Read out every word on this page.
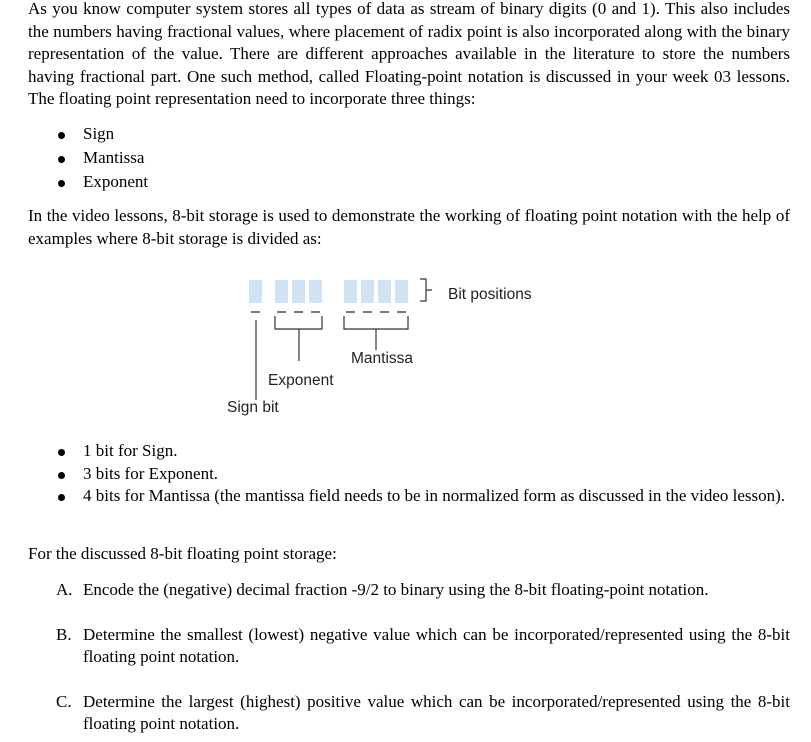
As you know computer system stores all types of data as stream of binary digits (0 and 1). This also includes the numbers having fractional values, where placement of radix point is also incorporated along with the binary representation of the value. There are different approaches available in the literature to store the numbers having fractional part. One such method, called Floating-point notation is discussed in your week 03 lessons. The floating point representation need to incorporate three things:

Sign
Mantissa
Exponent

In the video lessons, 8-bit storage is used to demonstrate the working of floating point notation with the help of examples where 8-bit storage is divided as:

Bit positions
Mantissa
Exponent
Sign bit
1 bit for Sign.
3 bits for Exponent.
4 bits for Mantissa (the mantissa field needs to be in normalized form as discussed in the video lesson).

For the discussed 8-bit floating point storage:

A. Encode the (negative) decimal fraction -9/2 to binary using the 8-bit floating-point notation.
B. Determine the smallest (lowest) negative value which can be incorporated/represented using the 8-bit floating point notation.
C. Determine the largest (highest) positive value which can be incorporated/represented using the 8-bit floating point notation.
